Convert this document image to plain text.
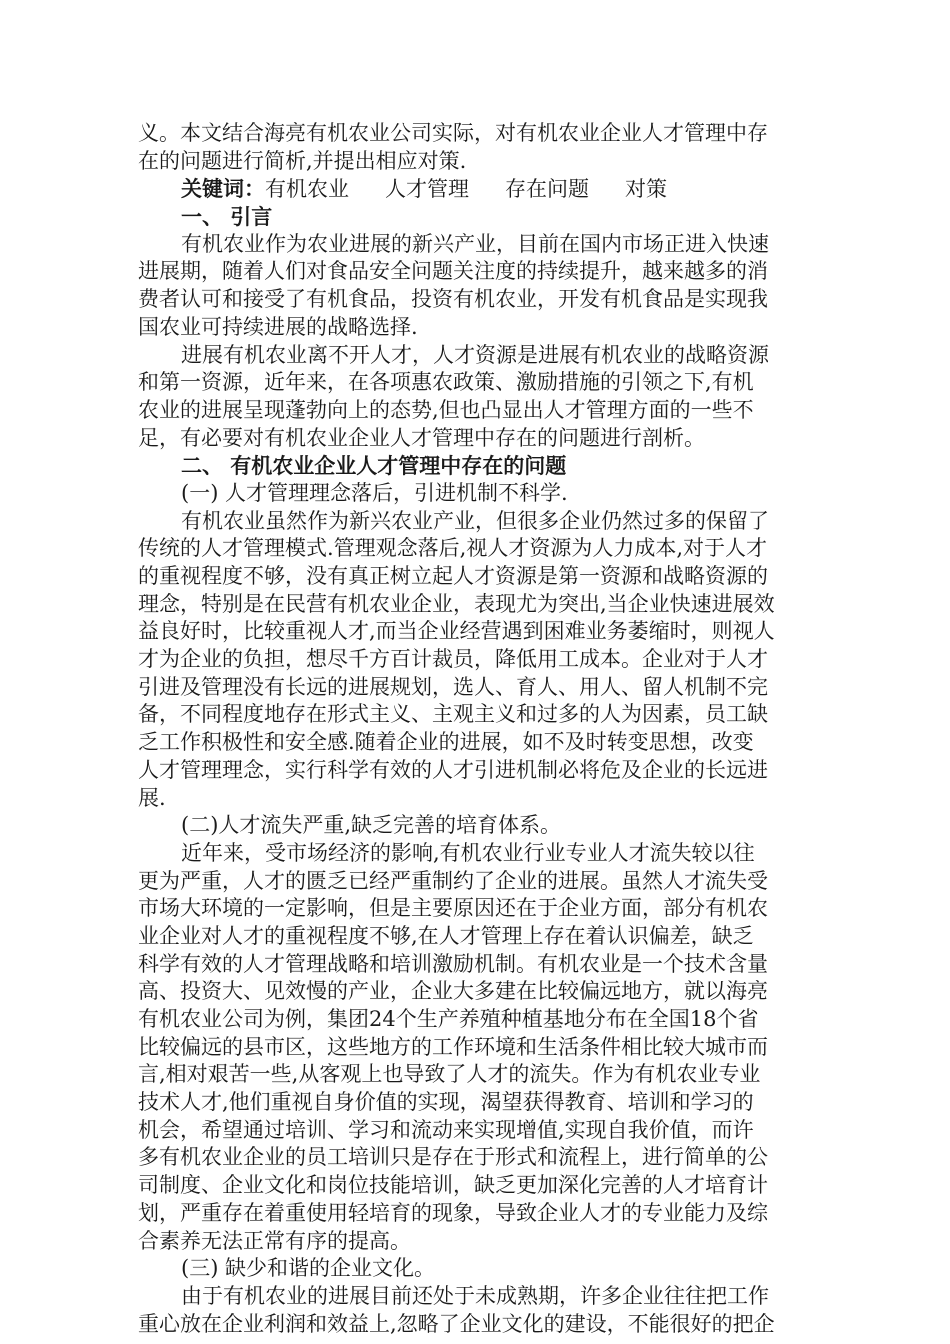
义。本文结合海亮有机农业公司实际，对有机农业企业人才管理中存
在的问题进行简析,并提出相应对策.
关键词：有机农业 人才管理 存在问题 对策
一、 引言
有机农业作为农业进展的新兴产业，目前在国内市场正进入快速
进展期，随着人们对食品安全问题关注度的持续提升，越来越多的消
费者认可和接受了有机食品，投资有机农业，开发有机食品是实现我
国农业可持续进展的战略选择.
进展有机农业离不开人才，人才资源是进展有机农业的战略资源
和第一资源，近年来，在各项惠农政策、激励措施的引领之下,有机
农业的进展呈现蓬勃向上的态势,但也凸显出人才管理方面的一些不
足，有必要对有机农业企业人才管理中存在的问题进行剖析。
二、 有机农业企业人才管理中存在的问题
(一) 人才管理理念落后，引进机制不科学.
有机农业虽然作为新兴农业产业，但很多企业仍然过多的保留了
传统的人才管理模式.管理观念落后,视人才资源为人力成本,对于人才
的重视程度不够，没有真正树立起人才资源是第一资源和战略资源的
理念，特别是在民营有机农业企业，表现尤为突出,当企业快速进展效
益良好时，比较重视人才,而当企业经营遇到困难业务萎缩时，则视人
才为企业的负担，想尽千方百计裁员，降低用工成本。企业对于人才
引进及管理没有长远的进展规划，选人、育人、用人、留人机制不完
备，不同程度地存在形式主义、主观主义和过多的人为因素，员工缺
乏工作积极性和安全感.随着企业的进展，如不及时转变思想，改变
人才管理理念，实行科学有效的人才引进机制必将危及企业的长远进
展.
(二)人才流失严重,缺乏完善的培育体系。
近年来，受市场经济的影响,有机农业行业专业人才流失较以往
更为严重，人才的匮乏已经严重制约了企业的进展。虽然人才流失受
市场大环境的一定影响，但是主要原因还在于企业方面，部分有机农
业企业对人才的重视程度不够,在人才管理上存在着认识偏差，缺乏
科学有效的人才管理战略和培训激励机制。有机农业是一个技术含量
高、投资大、见效慢的产业，企业大多建在比较偏远地方，就以海亮
有机农业公司为例，集团24个生产养殖种植基地分布在全国18个省
比较偏远的县市区，这些地方的工作环境和生活条件相比较大城市而
言,相对艰苦一些,从客观上也导致了人才的流失。作为有机农业专业
技术人才,他们重视自身价值的实现，渴望获得教育、培训和学习的
机会，希望通过培训、学习和流动来实现增值,实现自我价值，而许
多有机农业企业的员工培训只是存在于形式和流程上，进行简单的公
司制度、企业文化和岗位技能培训，缺乏更加深化完善的人才培育计
划，严重存在着重使用轻培育的现象，导致企业人才的专业能力及综
合素养无法正常有序的提高。
(三) 缺少和谐的企业文化。
由于有机农业的进展目前还处于未成熟期，许多企业往往把工作
重心放在企业利润和效益上,忽略了企业文化的建设，不能很好的把企
